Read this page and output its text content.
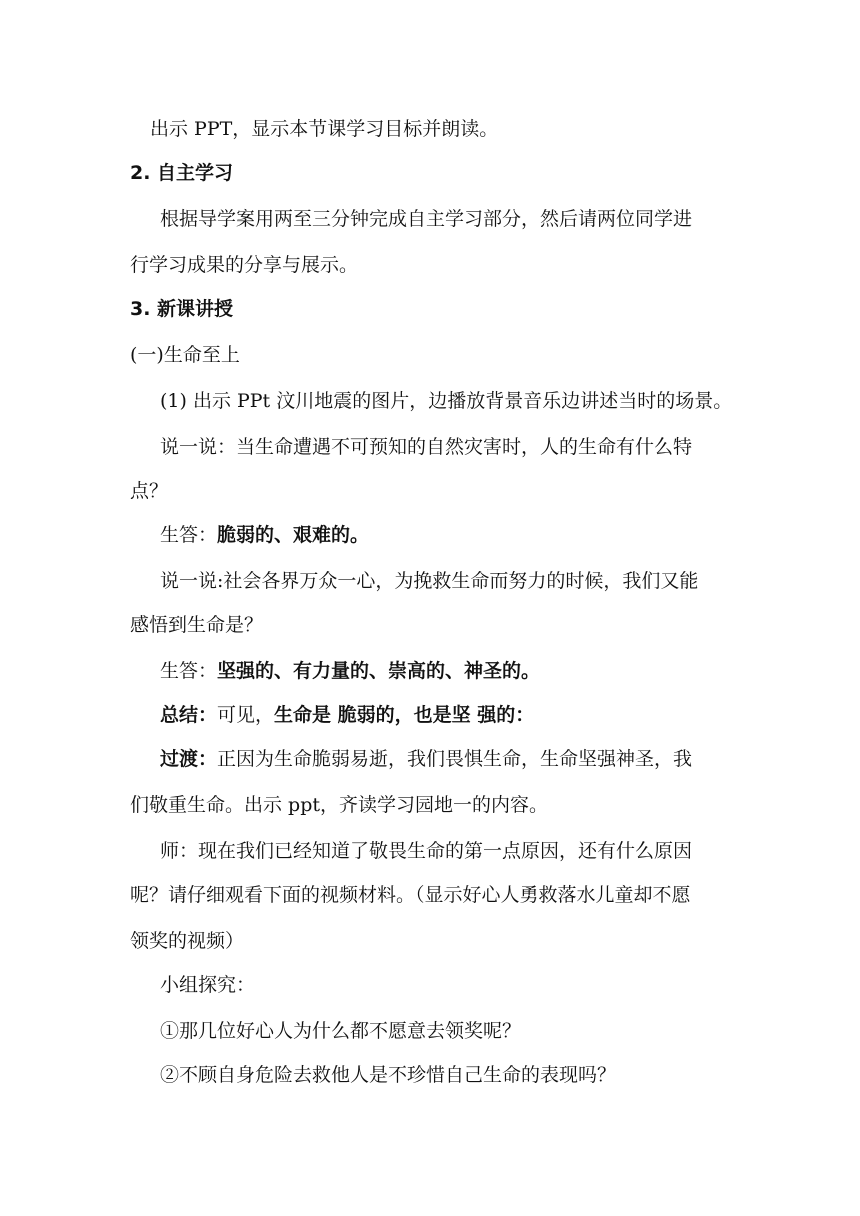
出示 PPT，显示本节课学习目标并朗读。
2. 自主学习
根据导学案用两至三分钟完成自主学习部分，然后请两位同学进
行学习成果的分享与展示。
3. 新课讲授
(一)生命至上
(1) 出示 PPt 汶川地震的图片，边播放背景音乐边讲述当时的场景。
说一说：当生命遭遇不可预知的自然灾害时，人的生命有什么特
点？
生答：脆弱的、艰难的。
说一说:社会各界万众一心，为挽救生命而努力的时候，我们又能
感悟到生命是？
生答：坚强的、有力量的、崇高的、神圣的。
总结：可见，生命是 脆弱的，也是坚 强的：
过渡：正因为生命脆弱易逝，我们畏惧生命，生命坚强神圣，我
们敬重生命。出示 ppt，齐读学习园地一的内容。
师：现在我们已经知道了敬畏生命的第一点原因，还有什么原因
呢？请仔细观看下面的视频材料。（显示好心人勇救落水儿童却不愿
领奖的视频）
小组探究：
①那几位好心人为什么都不愿意去领奖呢？
②不顾自身危险去救他人是不珍惜自己生命的表现吗？
